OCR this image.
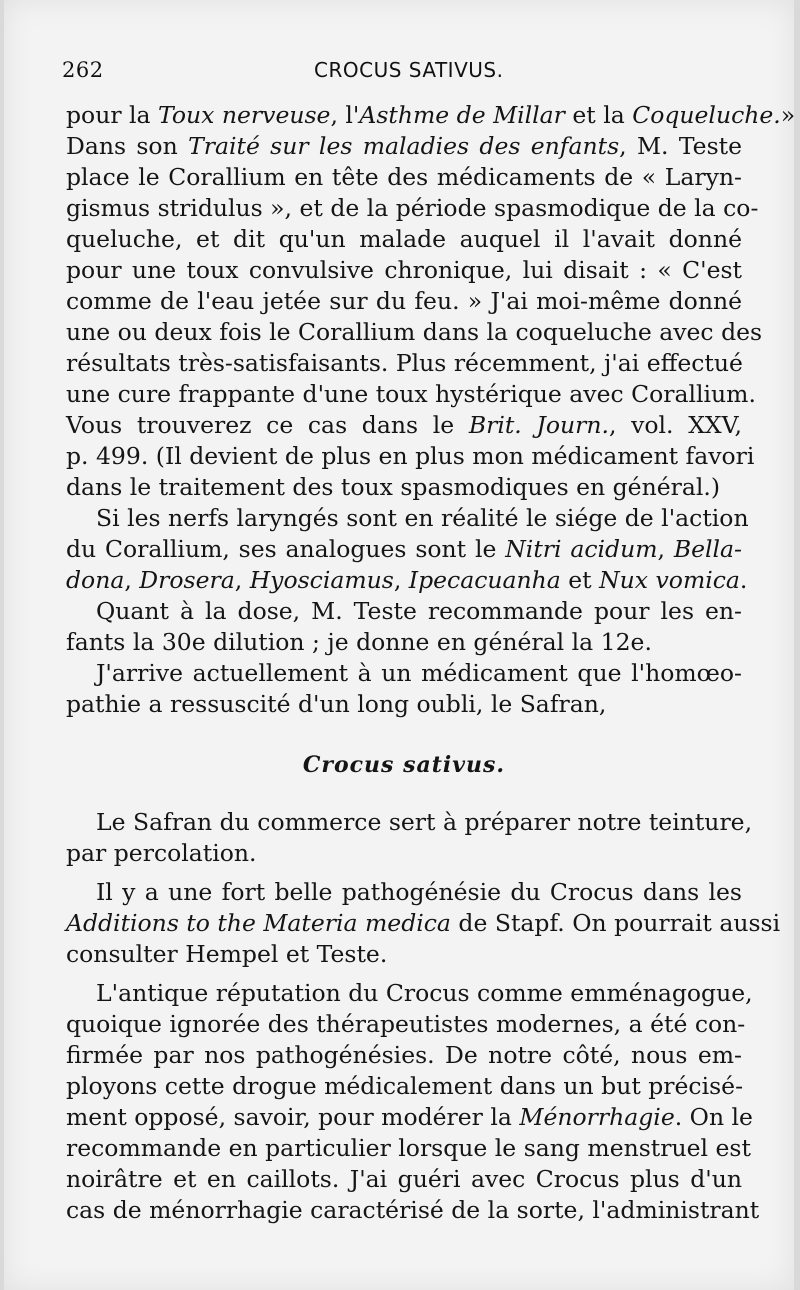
262	CROCUS SATIVUS.
pour la Toux nerveuse, l'Asthme de Millar et la Coqueluche.»
Dans son Traité sur les maladies des enfants, M. Teste
place le Corallium en tête des médicaments de « Laryn-
gismus stridulus », et de la période spasmodique de la co-
queluche, et dit qu'un malade auquel il l'avait donné
pour une toux convulsive chronique, lui disait : « C'est
comme de l'eau jetée sur du feu. » J'ai moi-même donné
une ou deux fois le Corallium dans la coqueluche avec des
résultats très-satisfaisants. Plus récemment, j'ai effectué
une cure frappante d'une toux hystérique avec Corallium.
Vous trouverez ce cas dans le Brit. Journ., vol. XXV,
p. 499. (Il devient de plus en plus mon médicament favori
dans le traitement des toux spasmodiques en général.)
Si les nerfs laryngés sont en réalité le siége de l'action
du Corallium, ses analogues sont le Nitri acidum, Bella-
dona, Drosera, Hyosciamus, Ipecacuanha et Nux vomica.
Quant à la dose, M. Teste recommande pour les en-
fants la 30e dilution ; je donne en général la 12e.
J'arrive actuellement à un médicament que l'homœo-
pathie a ressuscité d'un long oubli, le Safran,
Crocus sativus.
Le Safran du commerce sert à préparer notre teinture,
par percolation.
Il y a une fort belle pathogénésie du Crocus dans les
Additions to the Materia medica de Stapf. On pourrait aussi
consulter Hempel et Teste.
L'antique réputation du Crocus comme emménagogue,
quoique ignorée des thérapeutistes modernes, a été con-
firmée par nos pathogénésies. De notre côté, nous em-
ployons cette drogue médicalement dans un but précisé-
ment opposé, savoir, pour modérer la Ménorrhagie. On le
recommande en particulier lorsque le sang menstruel est
noirâtre et en caillots. J'ai guéri avec Crocus plus d'un
cas de ménorrhagie caractérisé de la sorte, l'administrant
